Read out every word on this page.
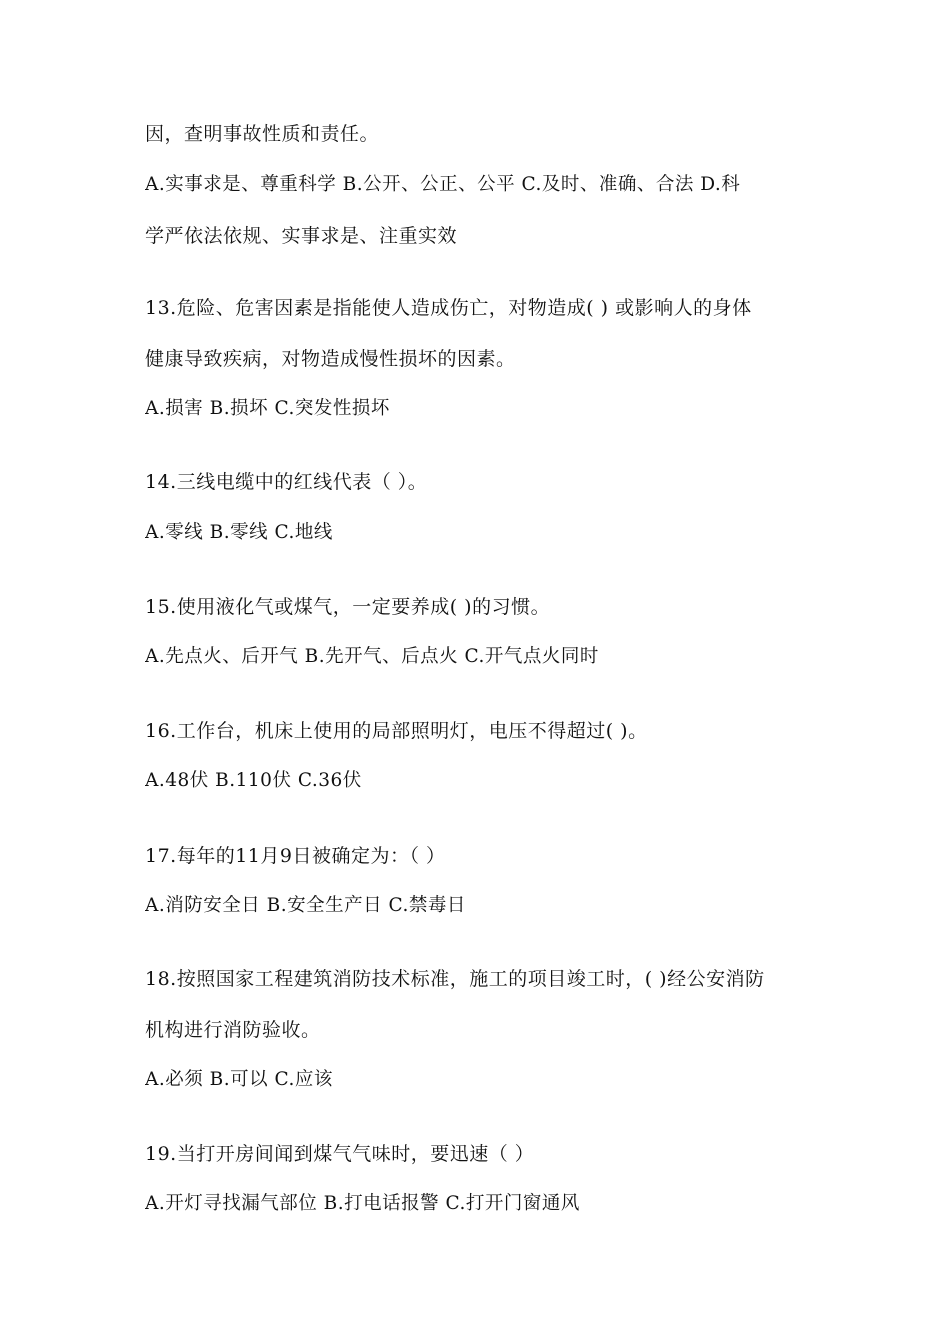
因，查明事故性质和责任。
A.实事求是、尊重科学 B.公开、公正、公平 C.及时、准确、合法 D.科
学严依法依规、实事求是、注重实效
13.危险、危害因素是指能使人造成伤亡，对物造成( ) 或影响人的身体
健康导致疾病，对物造成慢性损坏的因素。
A.损害 B.损坏 C.突发性损坏
14.三线电缆中的红线代表（ ）。
A.零线 B.零线 C.地线
15.使用液化气或煤气，一定要养成( )的习惯。
A.先点火、后开气 B.先开气、后点火 C.开气点火同时
16.工作台，机床上使用的局部照明灯，电压不得超过( )。
A.48伏 B.110伏 C.36伏
17.每年的11月9日被确定为：（ ）
A.消防安全日 B.安全生产日 C.禁毒日
18.按照国家工程建筑消防技术标准，施工的项目竣工时，( )经公安消防
机构进行消防验收。
A.必须 B.可以 C.应该
19.当打开房间闻到煤气气味时，要迅速（ ）
A.开灯寻找漏气部位 B.打电话报警 C.打开门窗通风
